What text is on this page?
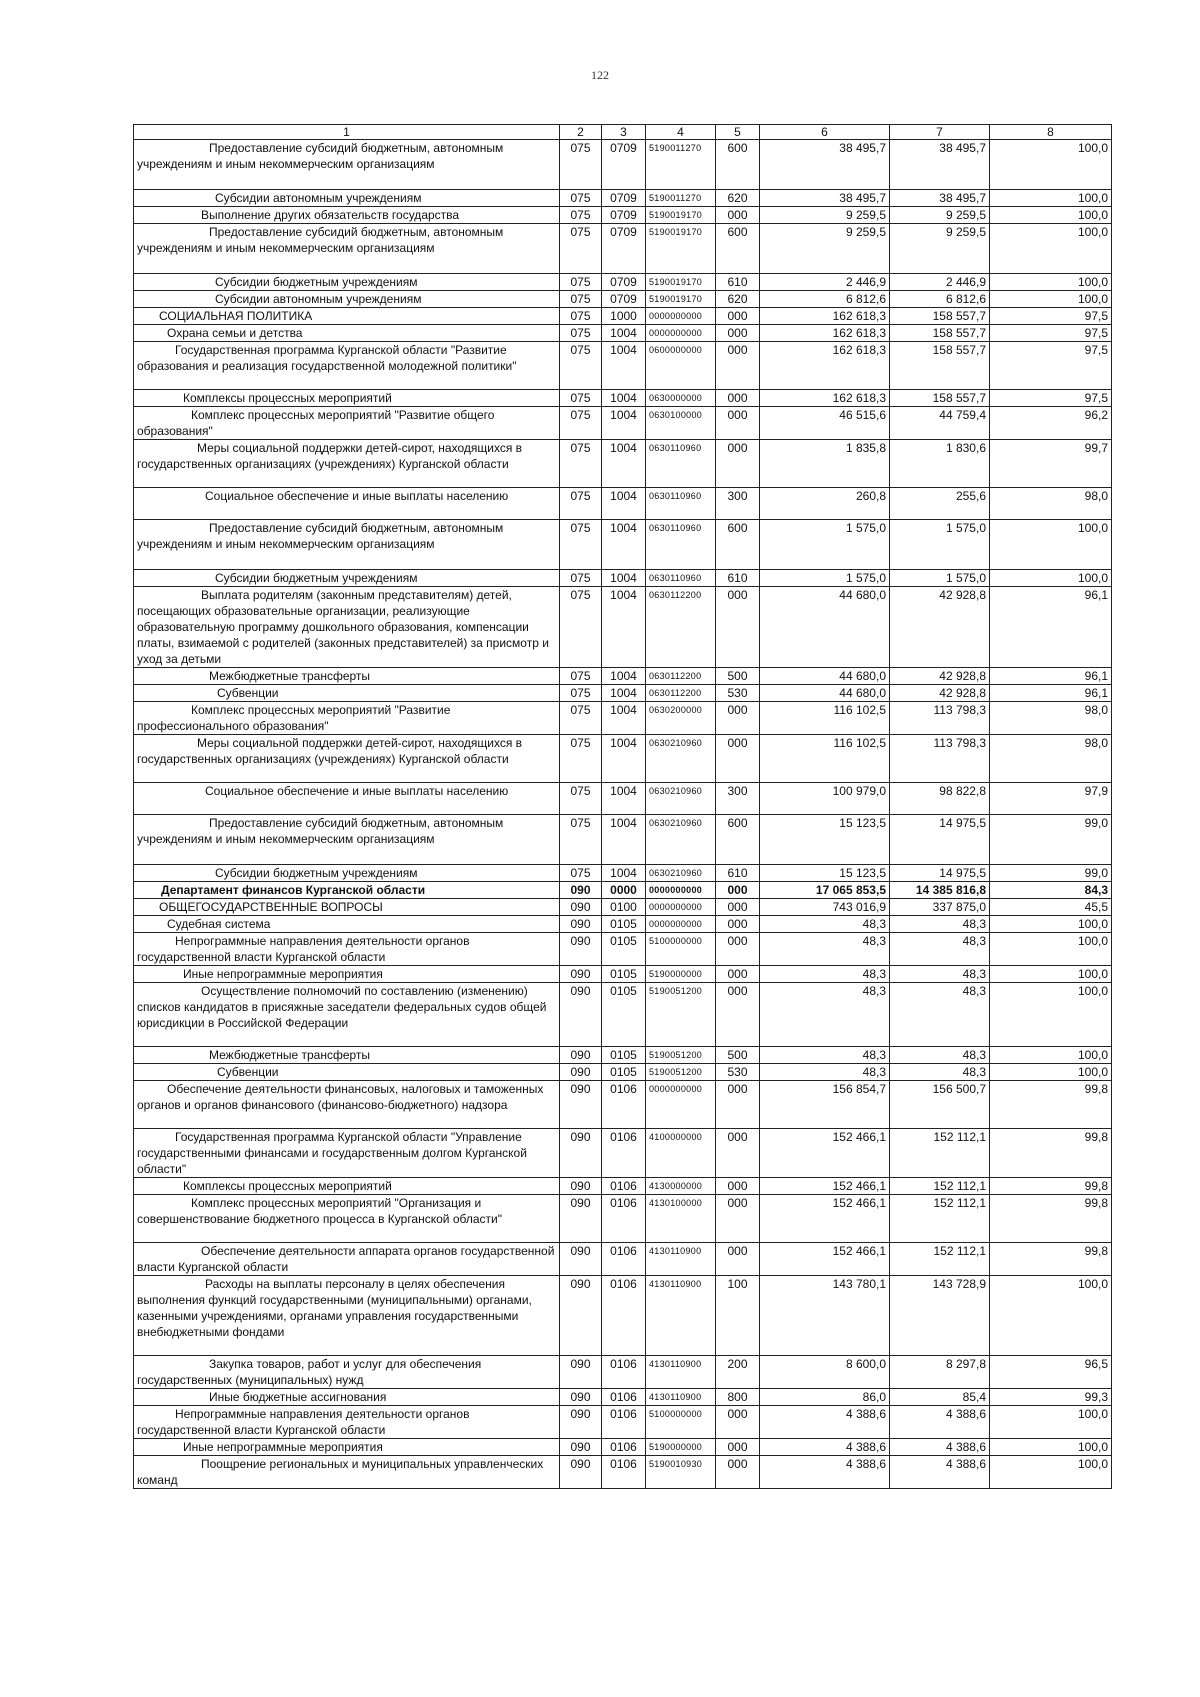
122
1	2	3	4	5	6	7	8
Предоставление субсидий бюджетным, автономным учреждениям и иным некоммерческим организациям	075	0709	5190011270	600	38 495,7	38 495,7	100,0
Субсидии автономным учреждениям	075	0709	5190011270	620	38 495,7	38 495,7	100,0
Выполнение других обязательств государства	075	0709	5190019170	000	9 259,5	9 259,5	100,0
Предоставление субсидий бюджетным, автономным учреждениям и иным некоммерческим организациям	075	0709	5190019170	600	9 259,5	9 259,5	100,0
Субсидии бюджетным учреждениям	075	0709	5190019170	610	2 446,9	2 446,9	100,0
Субсидии автономным учреждениям	075	0709	5190019170	620	6 812,6	6 812,6	100,0
СОЦИАЛЬНАЯ ПОЛИТИКА	075	1000	0000000000	000	162 618,3	158 557,7	97,5
Охрана семьи и детства	075	1004	0000000000	000	162 618,3	158 557,7	97,5
Государственная программа Курганской области "Развитие образования и реализация государственной молодежной политики"	075	1004	0600000000	000	162 618,3	158 557,7	97,5
Комплексы процессных мероприятий	075	1004	0630000000	000	162 618,3	158 557,7	97,5
Комплекс процессных мероприятий "Развитие общего образования"	075	1004	0630100000	000	46 515,6	44 759,4	96,2
Меры социальной поддержки детей-сирот, находящихся в государственных организациях (учреждениях) Курганской области	075	1004	0630110960	000	1 835,8	1 830,6	99,7
Социальное обеспечение и иные выплаты населению	075	1004	0630110960	300	260,8	255,6	98,0
Предоставление субсидий бюджетным, автономным учреждениям и иным некоммерческим организациям	075	1004	0630110960	600	1 575,0	1 575,0	100,0
Субсидии бюджетным учреждениям	075	1004	0630110960	610	1 575,0	1 575,0	100,0
Выплата родителям (законным представителям) детей, посещающих образовательные организации, реализующие образовательную программу дошкольного образования, компенсации платы, взимаемой с родителей (законных представителей) за присмотр и уход за детьми	075	1004	0630112200	000	44 680,0	42 928,8	96,1
Межбюджетные трансферты	075	1004	0630112200	500	44 680,0	42 928,8	96,1
Субвенции	075	1004	0630112200	530	44 680,0	42 928,8	96,1
Комплекс процессных мероприятий "Развитие профессионального образования"	075	1004	0630200000	000	116 102,5	113 798,3	98,0
Меры социальной поддержки детей-сирот, находящихся в государственных организациях (учреждениях) Курганской области	075	1004	0630210960	000	116 102,5	113 798,3	98,0
Социальное обеспечение и иные выплаты населению	075	1004	0630210960	300	100 979,0	98 822,8	97,9
Предоставление субсидий бюджетным, автономным учреждениям и иным некоммерческим организациям	075	1004	0630210960	600	15 123,5	14 975,5	99,0
Субсидии бюджетным учреждениям	075	1004	0630210960	610	15 123,5	14 975,5	99,0
Департамент финансов Курганской области	090	0000	0000000000	000	17 065 853,5	14 385 816,8	84,3
ОБЩЕГОСУДАРСТВЕННЫЕ ВОПРОСЫ	090	0100	0000000000	000	743 016,9	337 875,0	45,5
Судебная система	090	0105	0000000000	000	48,3	48,3	100,0
Непрограммные направления деятельности органов государственной власти Курганской области	090	0105	5100000000	000	48,3	48,3	100,0
Иные непрограммные мероприятия	090	0105	5190000000	000	48,3	48,3	100,0
Осуществление полномочий по составлению (изменению) списков кандидатов в присяжные заседатели федеральных судов общей юрисдикции в Российской Федерации	090	0105	5190051200	000	48,3	48,3	100,0
Межбюджетные трансферты	090	0105	5190051200	500	48,3	48,3	100,0
Субвенции	090	0105	5190051200	530	48,3	48,3	100,0
Обеспечение деятельности финансовых, налоговых и таможенных органов и органов финансового (финансово-бюджетного) надзора	090	0106	0000000000	000	156 854,7	156 500,7	99,8
Государственная программа Курганской области "Управление государственными финансами и государственным долгом Курганской области"	090	0106	4100000000	000	152 466,1	152 112,1	99,8
Комплексы процессных мероприятий	090	0106	4130000000	000	152 466,1	152 112,1	99,8
Комплекс процессных мероприятий "Организация и совершенствование бюджетного процесса в Курганской области"	090	0106	4130100000	000	152 466,1	152 112,1	99,8
Обеспечение деятельности аппарата органов государственной власти Курганской области	090	0106	4130110900	000	152 466,1	152 112,1	99,8
Расходы на выплаты персоналу в целях обеспечения выполнения функций государственными (муниципальными) органами, казенными учреждениями, органами управления государственными внебюджетными фондами	090	0106	4130110900	100	143 780,1	143 728,9	100,0
Закупка товаров, работ и услуг для обеспечения государственных (муниципальных) нужд	090	0106	4130110900	200	8 600,0	8 297,8	96,5
Иные бюджетные ассигнования	090	0106	4130110900	800	86,0	85,4	99,3
Непрограммные направления деятельности органов государственной власти Курганской области	090	0106	5100000000	000	4 388,6	4 388,6	100,0
Иные непрограммные мероприятия	090	0106	5190000000	000	4 388,6	4 388,6	100,0
Поощрение региональных и муниципальных управленческих команд	090	0106	5190010930	000	4 388,6	4 388,6	100,0
